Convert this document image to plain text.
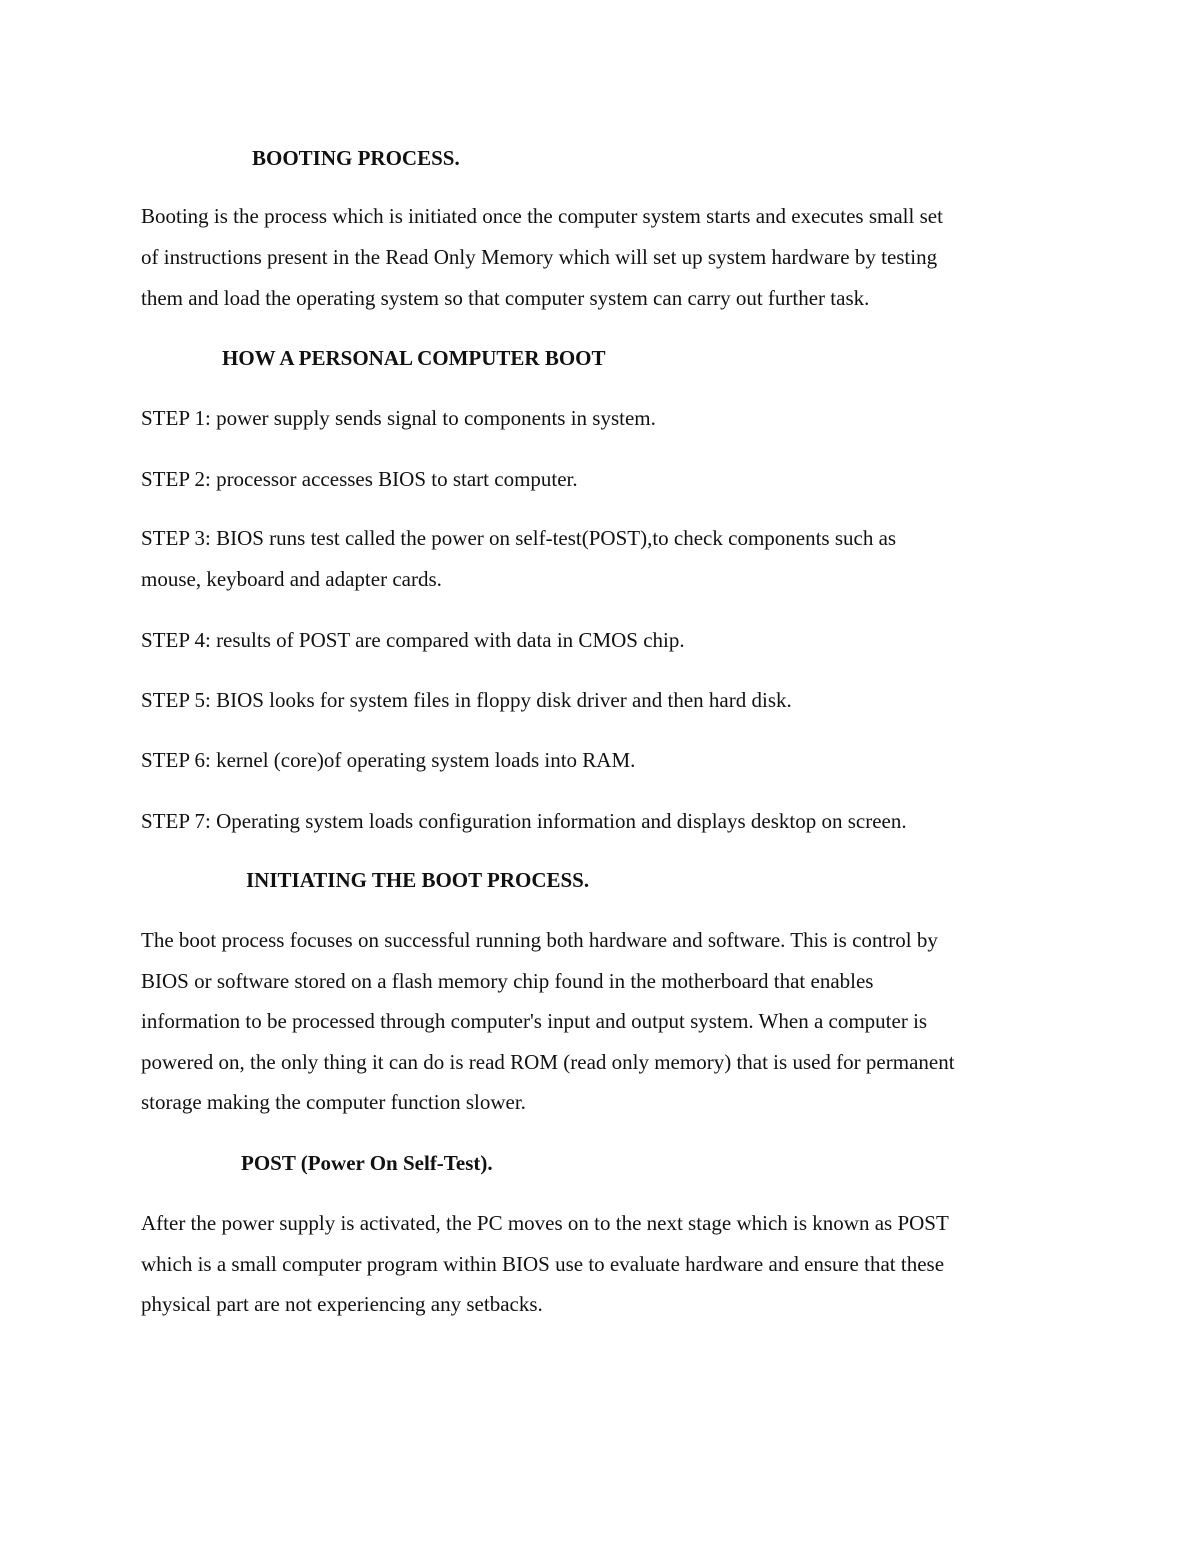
BOOTING PROCESS.
Booting is the process which is initiated once the computer system starts and executes small set
of instructions present in the Read Only Memory which will set up system hardware by testing
them and load the operating system so that computer system can carry out further task.
HOW A PERSONAL COMPUTER BOOT
STEP 1: power supply sends signal to components in system.
STEP 2: processor accesses BIOS to start computer.
STEP 3: BIOS runs test called the power on self-test(POST),to check components such as
mouse, keyboard and adapter cards.
STEP 4: results of POST are compared with data in CMOS chip.
STEP 5: BIOS looks for system files in floppy disk driver and then hard disk.
STEP 6: kernel (core)of operating system loads into RAM.
STEP 7: Operating system loads configuration information and displays desktop on screen.
INITIATING THE BOOT PROCESS.
The boot process focuses on successful running both hardware and software. This is control by
BIOS or software stored on a flash memory chip found in the motherboard that enables
information to be processed through computer's input and output system. When a computer is
powered on, the only thing it can do is read ROM (read only memory) that is used for permanent
storage making the computer function slower.
POST (Power On Self-Test).
After the power supply is activated, the PC moves on to the next stage which is known as POST
which is a small computer program within BIOS use to evaluate hardware and ensure that these
physical part are not experiencing any setbacks.
